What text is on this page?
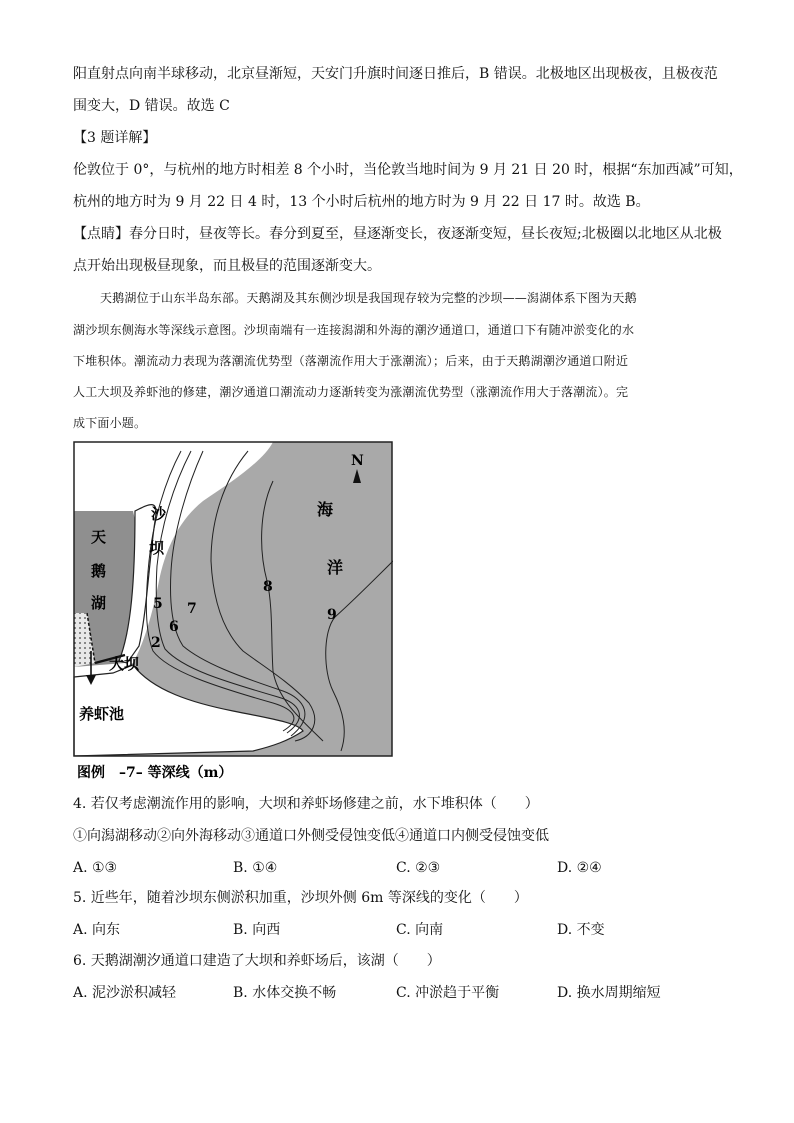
阳直射点向南半球移动，北京昼渐短，天安门升旗时间逐日推后，B 错误。北极地区出现极夜，且极夜范
围变大，D 错误。故选 C
【3 题详解】
伦敦位于 0°，与杭州的地方时相差 8 个小时，当伦敦当地时间为 9 月 21 日 20 时，根据“东加西减”可知，
杭州的地方时为 9 月 22 日 4 时，13 个小时后杭州的地方时为 9 月 22 日 17 时。故选 B。
【点睛】春分日时，昼夜等长。春分到夏至，昼逐渐变长，夜逐渐变短，昼长夜短;北极圈以北地区从北极
点开始出现极昼现象，而且极昼的范围逐渐变大。
天鹅湖位于山东半岛东部。天鹅湖及其东侧沙坝是我国现存较为完整的沙坝——潟湖体系下图为天鹅
湖沙坝东侧海水等深线示意图。沙坝南端有一连接潟湖和外海的潮汐通道口，通道口下有随冲淤变化的水
下堆积体。潮流动力表现为落潮流优势型（落潮流作用大于涨潮流）；后来，由于天鹅湖潮汐通道口附近
人工大坝及养虾池的修建，潮汐通道口潮流动力逐渐转变为涨潮流优势型（涨潮流作用大于落潮流）。完
成下面小题。
N
海
洋
沙
坝
天
鹅
湖
大坝
养虾池
2
5
6
7
8
9
图例　–7– 等深线（m）
4. 若仅考虑潮流作用的影响，大坝和养虾场修建之前，水下堆积体（　　）
①向潟湖移动②向外海移动③通道口外侧受侵蚀变低④通道口内侧受侵蚀变低
A. ①③	B. ①④	C. ②③	D. ②④
5. 近些年，随着沙坝东侧淤积加重，沙坝外侧 6m 等深线的变化（　　）
A. 向东	B. 向西	C. 向南	D. 不变
6. 天鹅湖潮汐通道口建造了大坝和养虾场后，该湖（　　）
A. 泥沙淤积减轻	B. 水体交换不畅	C. 冲淤趋于平衡	D. 换水周期缩短
